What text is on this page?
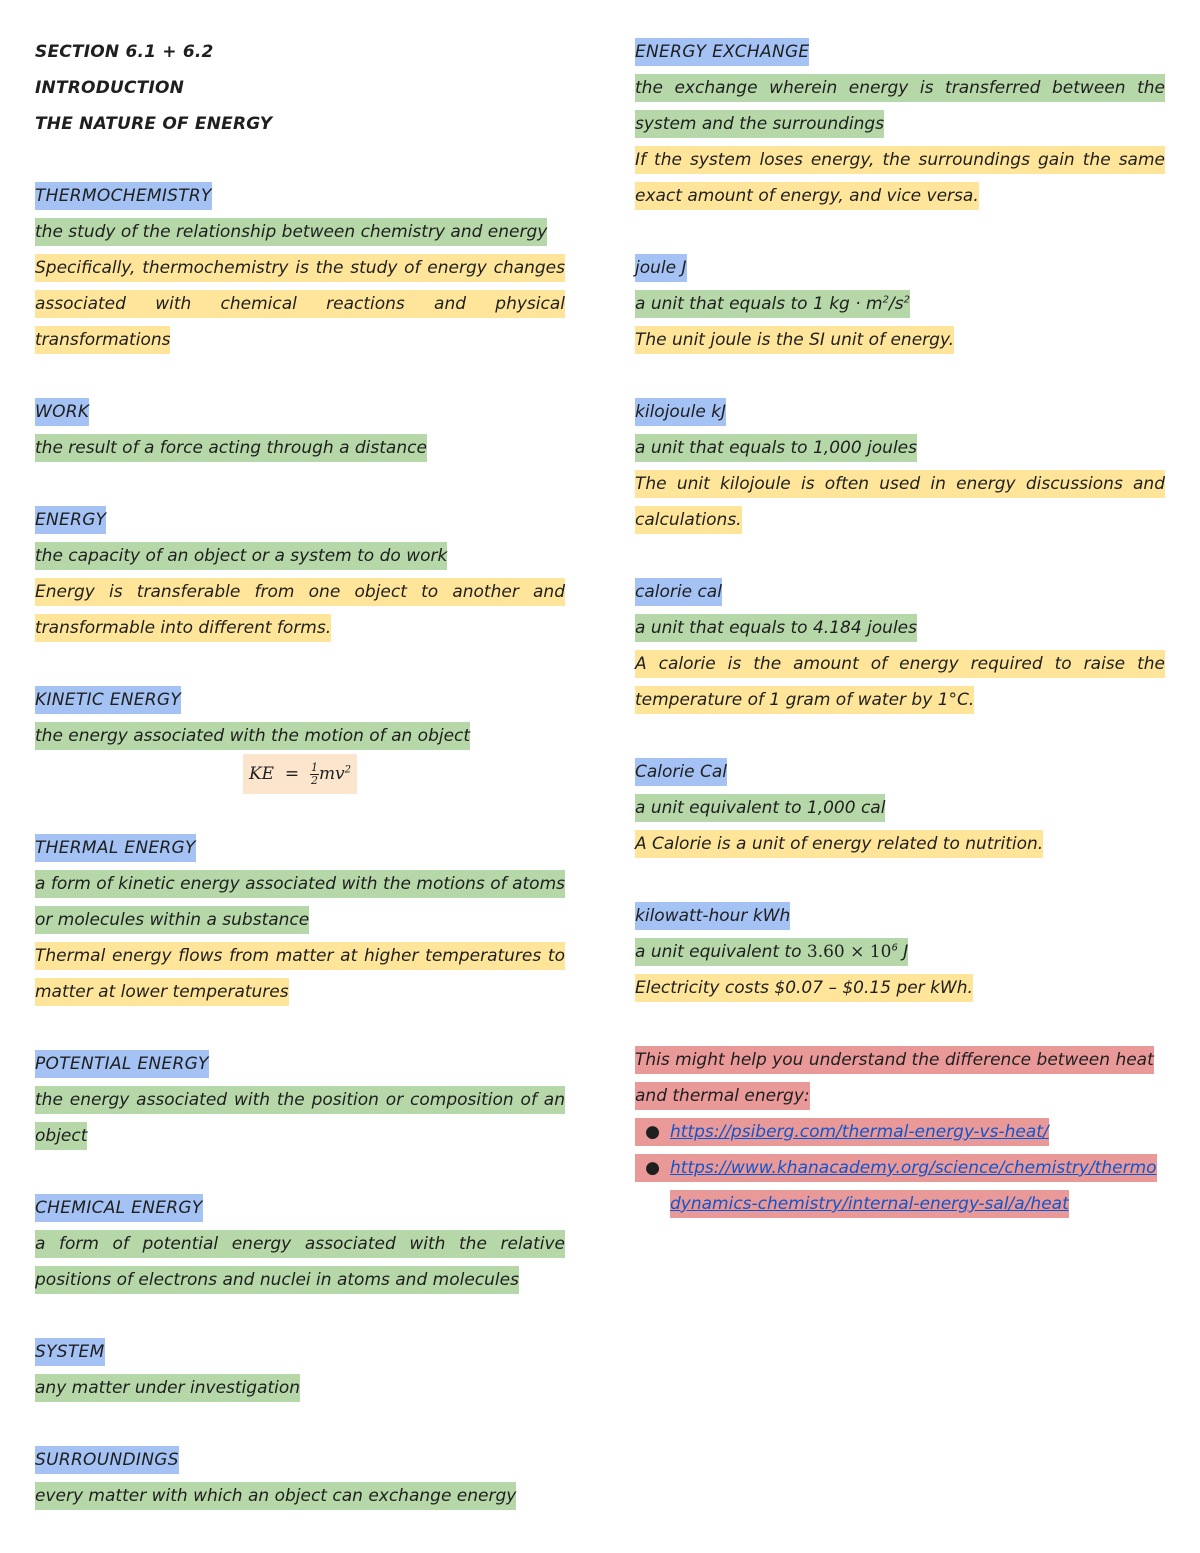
SECTION 6.1 + 6.2
INTRODUCTION
THE NATURE OF ENERGY
THERMOCHEMISTRY
the study of the relationship between chemistry and energy
Specifically, thermochemistry is the study of energy changes associated with chemical reactions and physical transformations
WORK
the result of a force acting through a distance
ENERGY
the capacity of an object or a system to do work
Energy is transferable from one object to another and transformable into different forms.
KINETIC ENERGY
the energy associated with the motion of an object
KE = $\frac{1}{2} mv^2$
THERMAL ENERGY
a form of kinetic energy associated with the motions of atoms or molecules within a substance
Thermal energy flows from matter at higher temperatures to matter at lower temperatures
POTENTIAL ENERGY
the energy associated with the position or composition of an object
CHEMICAL ENERGY
a form of potential energy associated with the relative positions of electrons and nuclei in atoms and molecules
SYSTEM
any matter under investigation
SURROUNDINGS
every matter with which an object can exchange energy
ENERGY EXCHANGE
the exchange wherein energy is transferred between the system and the surroundings
If the system loses energy, the surroundings gain the same exact amount of energy, and vice versa.
joule J
a unit that equals to 1 kg · $m^2/s^2$
The unit joule is the SI unit of energy.
kilojoule kJ
a unit that equals to 1,000 joules
The unit kilojoule is often used in energy discussions and calculations.
calorie cal
a unit that equals to 4.184 joules
A calorie is the amount of energy required to raise the temperature of 1 gram of water by 1°C.
Calorie Cal
a unit equivalent to 1,000 cal
A Calorie is a unit of energy related to nutrition.
kilowatt-hour kWh
a unit equivalent to $3.60 \times 10^6$ J
Electricity costs $0.07 – $0.15 per kWh.
This might help you understand the difference between heat and thermal energy:
● https://psiberg.com/thermal-energy-vs-heat/
● https://www.khanacademy.org/science/chemistry/thermodynamics-chemistry/internal-energy-sal/a/heat
